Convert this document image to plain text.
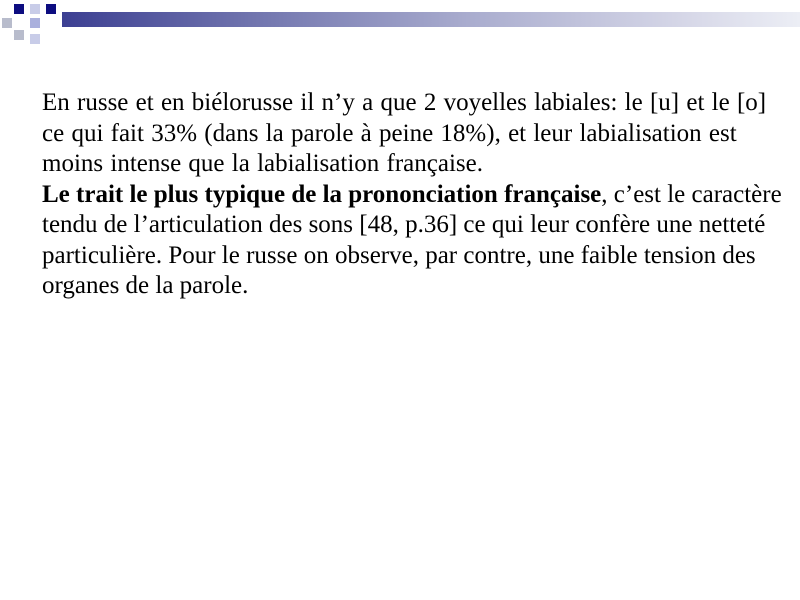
En russe et en biélorusse il n’y a que 2 voyelles labiales: le [u] et le [o] ce qui fait 33% (dans la parole à peine 18%), et leur labialisation est moins intense que la labialisation française.

Le trait le plus typique de la prononciation française, c’est le caractère tendu de l’articulation des sons [48, p.36] ce qui leur confère une netteté particulière. Pour le russe on observe, par contre, une faible tension des organes de la parole.
